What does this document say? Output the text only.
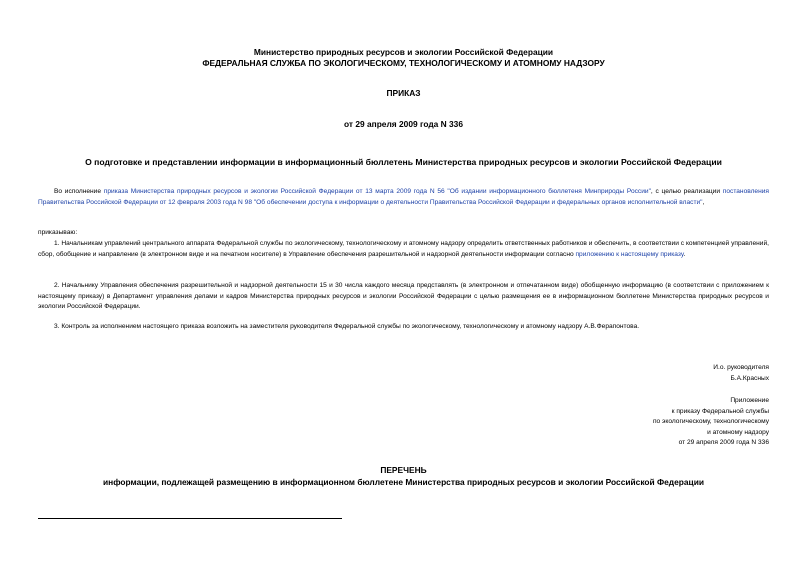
Министерство природных ресурсов и экологии Российской Федерации
ФЕДЕРАЛЬНАЯ СЛУЖБА ПО ЭКОЛОГИЧЕСКОМУ, ТЕХНОЛОГИЧЕСКОМУ И АТОМНОМУ НАДЗОРУ
ПРИКАЗ
от 29 апреля 2009 года N 336
О подготовке и представлении информации в информационный бюллетень Министерства природных ресурсов и экологии Российской Федерации
Во исполнение приказа Министерства природных ресурсов и экологии Российской Федерации от 13 марта 2009 года N 56 "Об издании информационного бюллетеня Минприроды России", с целью реализации постановления Правительства Российской Федерации от 12 февраля 2003 года N 98 "Об обеспечении доступа к информации о деятельности Правительства Российской Федерации и федеральных органов исполнительной власти",
приказываю:
1. Начальникам управлений центрального аппарата Федеральной службы по экологическому, технологическому и атомному надзору определить ответственных работников и обеспечить, в соответствии с компетенцией управлений, сбор, обобщение и направление (в электронном виде и на печатном носителе) в Управление обеспечения разрешительной и надзорной деятельности информации согласно приложению к настоящему приказу.
2. Начальнику Управления обеспечения разрешительной и надзорной деятельности 15 и 30 числа каждого месяца представлять (в электронном и отпечатанном виде) обобщенную информацию (в соответствии с приложением к настоящему приказу) в Департамент управления делами и кадров Министерства природных ресурсов и экологии Российской Федерации с целью размещения ее в информационном бюллетене Министерства природных ресурсов и экологии Российской Федерации.
3. Контроль за исполнением настоящего приказа возложить на заместителя руководителя Федеральной службы по экологическому, технологическому и атомному надзору А.В.Ферапонтова.
И.о. руководителя
Б.А.Красных
Приложение
к приказу Федеральной службы
по экологическому, технологическому
и атомному надзору
от 29 апреля 2009 года N 336
ПЕРЕЧЕНЬ
информации, подлежащей размещению в информационном бюллетене Министерства природных ресурсов и экологии Российской Федерации
